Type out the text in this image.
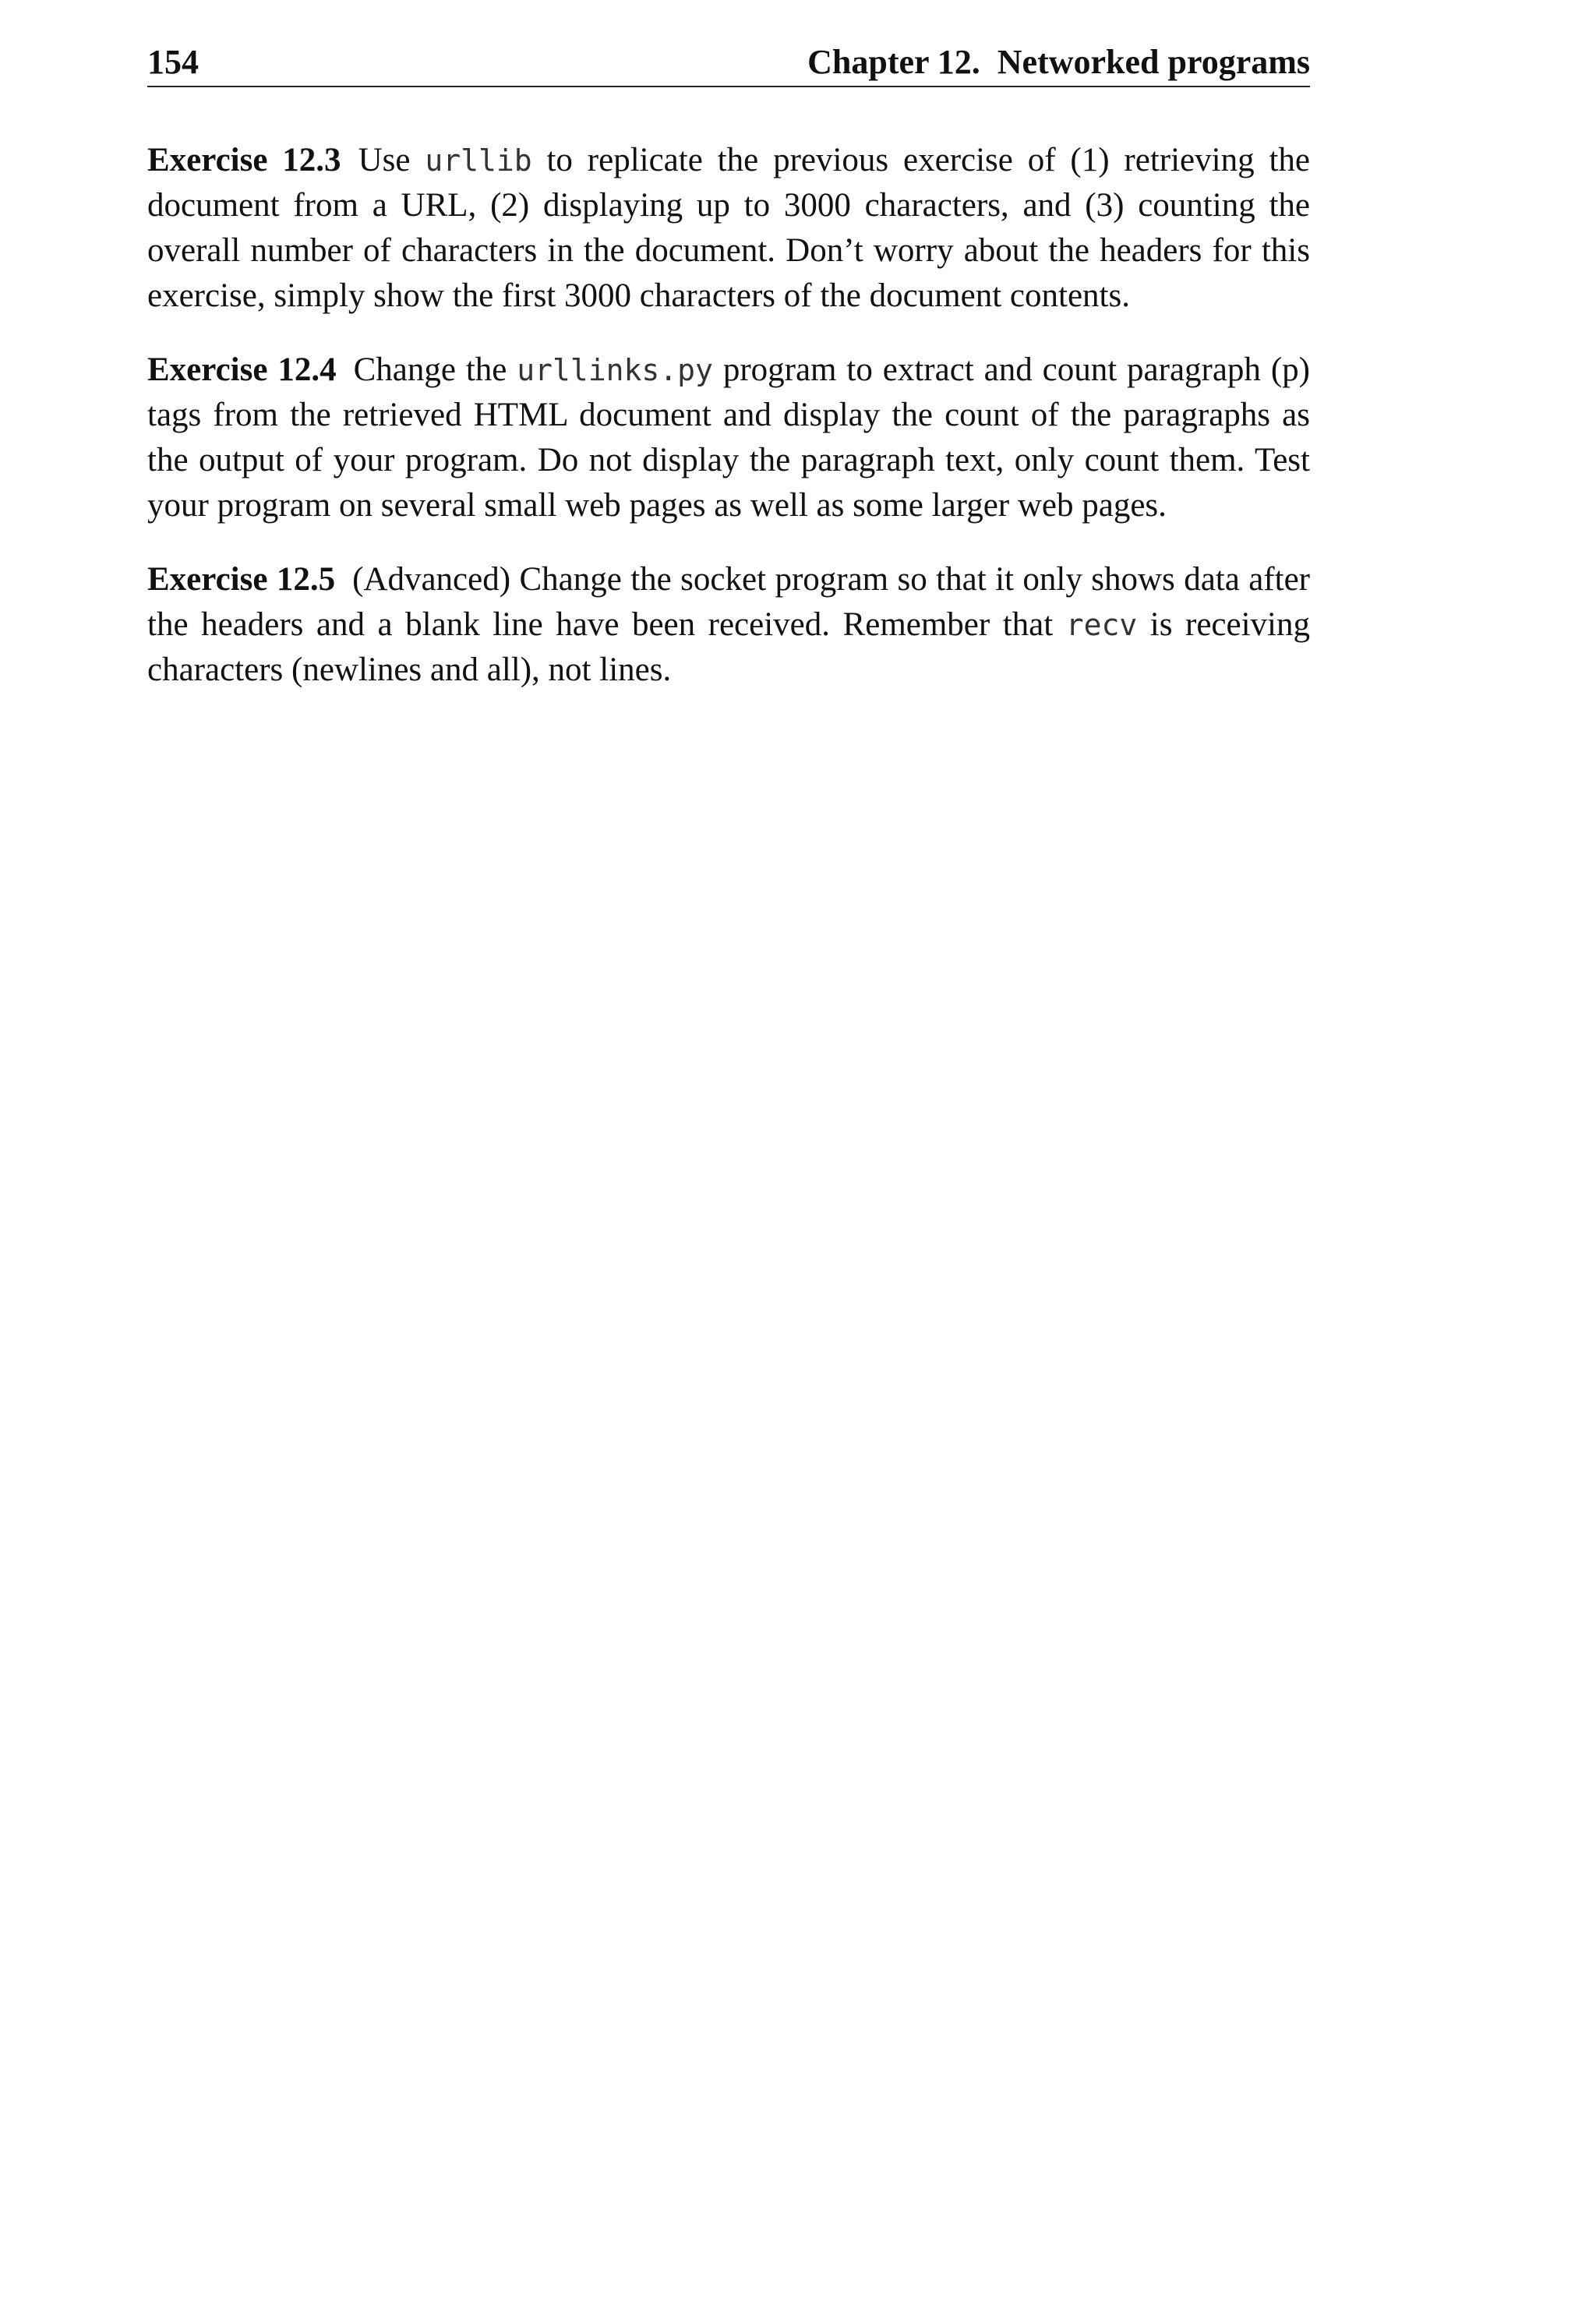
154	Chapter 12.  Networked programs

Exercise 12.3 Use urllib to replicate the previous exercise of (1) retrieving the document from a URL, (2) displaying up to 3000 characters, and (3) counting the overall number of characters in the document. Don’t worry about the headers for this exercise, simply show the first 3000 characters of the document contents.

Exercise 12.4 Change the urllinks.py program to extract and count paragraph (p) tags from the retrieved HTML document and display the count of the paragraphs as the output of your program. Do not display the paragraph text, only count them. Test your program on several small web pages as well as some larger web pages.

Exercise 12.5 (Advanced) Change the socket program so that it only shows data after the headers and a blank line have been received. Remember that recv is receiving characters (newlines and all), not lines.
